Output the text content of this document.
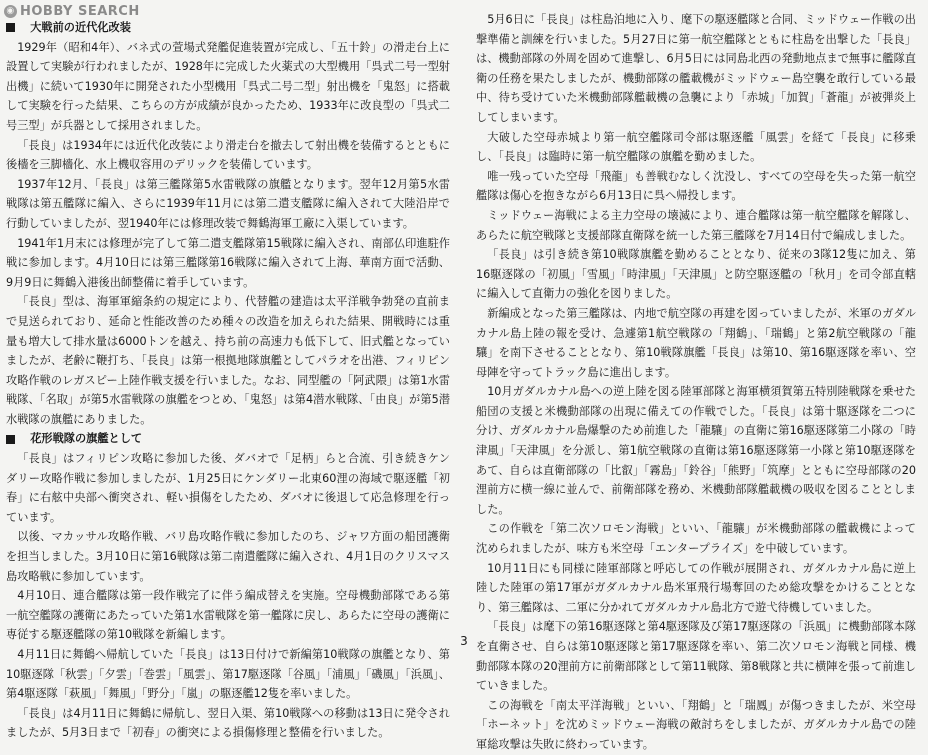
◉ HOBBY SEARCH

大戦前の近代化改装

1929年（昭和4年）、バネ式の萱場式発艦促進装置が完成し、「五十鈴」の滑走台上に設置して実験が行われましたが、1928年に完成した火薬式の大型機用「呉式二号一型射出機」に続いて1930年に開発された小型機用「呉式二号二型」射出機を「鬼怒」に搭載して実験を行った結果、こちらの方が成績が良かったため、1933年に改良型の「呉式二号三型」が兵器として採用されました。

「長良」は1934年には近代化改装により滑走台を撤去して射出機を装備するとともに後檣を三脚檣化、水上機収容用のデリックを装備しています。

1937年12月、「長良」は第三艦隊第5水雷戦隊の旗艦となります。翌年12月第5水雷戦隊は第五艦隊に編入、さらに1939年11月には第二遣支艦隊に編入されて大陸沿岸で行動していましたが、翌1940年には修理改装で舞鶴海軍工廠に入渠しています。

1941年1月末には修理が完了して第二遣支艦隊第15戦隊に編入され、南部仏印進駐作戦に参加します。4月10日には第三艦隊第16戦隊に編入されて上海、華南方面で活動、9月9日に舞鶴入港後出師整備に着手しています。

「長良」型は、海軍軍縮条約の規定により、代替艦の建造は太平洋戦争勃発の直前まで見送られており、延命と性能改善のため種々の改造を加えられた結果、開戦時には重量も増大して排水量は6000トンを越え、持ち前の高速力も低下して、旧式艦となっていましたが、老齢に鞭打ち、「長良」は第一根拠地隊旗艦としてパラオを出港、フィリピン攻略作戦のレガスピー上陸作戦支援を行いました。なお、同型艦の「阿武隈」は第1水雷戦隊、「名取」が第5水雷戦隊の旗艦をつとめ、「鬼怒」は第4潜水戦隊、「由良」が第5潜水戦隊の旗艦にありました。

花形戦隊の旗艦として

「長良」はフィリピン攻略に参加した後、ダバオで「足柄」らと合流、引き続きケンダリー攻略作戦に参加しましたが、1月25日にケンダリー北東60浬の海域で駆逐艦「初春」に右舷中央部へ衝突され、軽い損傷をしたため、ダバオに後退して応急修理を行っています。

以後、マカッサル攻略作戦、バリ島攻略作戦に参加したのち、ジャワ方面の船団護衛を担当しました。3月10日に第16戦隊は第二南遣艦隊に編入され、4月1日のクリスマス島攻略戦に参加しています。

4月10日、連合艦隊は第一段作戦完了に伴う編成替えを実施。空母機動部隊である第一航空艦隊の護衛にあたっていた第1水雷戦隊を第一艦隊に戻し、あらたに空母の護衛に専従する駆逐艦隊の第10戦隊を新編します。

4月11日に舞鶴へ帰航していた「長良」は13日付けで新編第10戦隊の旗艦となり、第10駆逐隊「秋雲」「夕雲」「巻雲」「風雲」、第17駆逐隊「谷風」「浦風」「磯風」「浜風」、第4駆逐隊「萩風」「舞風」「野分」「嵐」の駆逐艦12隻を率いました。

「長良」は4月11日に舞鶴に帰航し、翌日入渠、第10戦隊への移動は13日に発令されましたが、5月3日まで「初春」の衝突による損傷修理と整備を行いました。

5月6日に「長良」は柱島泊地に入り、麾下の駆逐艦隊と合同、ミッドウェー作戦の出撃準備と訓練を行いました。5月27日に第一航空艦隊とともに柱島を出撃した「長良」は、機動部隊の外周を固めて進撃し、6月5日には同島北西の発動地点まで無事に艦隊直衛の任務を果たしましたが、機動部隊の艦載機がミッドウェー島空襲を敢行している最中、待ち受けていた米機動部隊艦載機の急襲により「赤城」「加賀」「蒼龍」が被弾炎上してしまいます。

大破した空母赤城より第一航空艦隊司令部は駆逐艦「風雲」を経て「長良」に移乗し、「長良」は臨時に第一航空艦隊の旗艦を勤めました。

唯一残っていた空母「飛龍」も善戦むなしく沈没し、すべての空母を失った第一航空艦隊は傷心を抱きながら6月13日に呉へ帰投します。

ミッドウェー海戦による主力空母の壊滅により、連合艦隊は第一航空艦隊を解隊し、あらたに航空戦隊と支援部隊直衛隊を統一した第三艦隊を7月14日付で編成しました。

「長良」は引き続き第10戦隊旗艦を勤めることとなり、従来の3隊12隻に加え、第16駆逐隊の「初風」「雪風」「時津風」「天津風」と防空駆逐艦の「秋月」を司令部直轄に編入して直衛力の強化を図りました。

新編成となった第三艦隊は、内地で航空隊の再建を図っていましたが、米軍のガダルカナル島上陸の報を受け、急遽第1航空戦隊の「翔鶴」、「瑞鶴」と第2航空戦隊の「龍驤」を南下させることとなり、第10戦隊旗艦「長良」は第10、第16駆逐隊を率い、空母陣を守ってトラック島に進出します。

10月ガダルカナル島への逆上陸を図る陸軍部隊と海軍横須賀第五特別陸戦隊を乗せた船団の支援と米機動部隊の出現に備えての作戦でした。「長良」は第十駆逐隊を二つに分け、ガダルカナル島爆撃のため前進した「龍驤」の直衛に第16駆逐隊第二小隊の「時津風」「天津風」を分派し、第1航空戦隊の直衛は第16駆逐隊第一小隊と第10駆逐隊をあて、自らは直衛部隊の「比叡」「霧島」「鈴谷」「熊野」「筑摩」とともに空母部隊の20浬前方に横一線に並んで、前衛部隊を務め、米機動部隊艦載機の吸収を図ることとしました。

この作戦を「第二次ソロモン海戦」といい、「龍驤」が米機動部隊の艦載機によって沈められましたが、味方も米空母「エンタープライズ」を中破しています。

10月11日にも同様に陸軍部隊と呼応しての作戦が展開され、ガダルカナル島に逆上陸した陸軍の第17軍がガダルカナル島米軍飛行場奪回のため総攻撃をかけることとなり、第三艦隊は、二軍に分かれてガダルカナル島北方で遊弋待機していました。

「長良」は麾下の第16駆逐隊と第4駆逐隊及び第17駆逐隊の「浜風」に機動部隊本隊を直衛させ、自らは第10駆逐隊と第17駆逐隊を率い、第二次ソロモン海戦と同様、機動部隊本隊の20浬前方に前衛部隊として第11戦隊、第8戦隊と共に横陣を張って前進していきました。

この海戦を「南太平洋海戦」といい、「翔鶴」と「瑞鳳」が傷つきましたが、米空母「ホーネット」を沈めミッドウェー海戦の敵討ちをしましたが、ガダルカナル島での陸軍総攻撃は失敗に終わっています。

3
